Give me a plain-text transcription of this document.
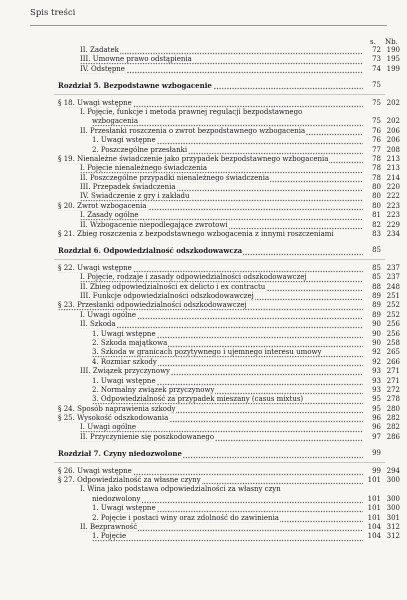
Spis treści
s. Nb.
II. Zadatek	72 190
III. Umowne prawo odstąpienia	73 195
IV. Odstępne	74 199
Rozdział 5. Bezpodstawne wzbogacenie	75
§ 18. Uwagi wstępne	75 202
I. Pojęcie, funkcje i metoda prawnej regulacji bezpodstawnego
wzbogacenia	75 202
II. Przesłanki roszczenia o zwrot bezpodstawnego wzbogacenia	76 206
1. Uwagi wstępne	76 206
2. Poszczególne przesłanki	77 208
§ 19. Nienależne świadczenie jako przypadek bezpodstawnego wzbogacenia	78 213
I. Pojęcie nienależnego świadczenia	78 213
II. Poszczególne przypadki nienależnego świadczenia	78 214
III. Przepadek świadczenia	80 220
IV. Świadczenie z gry i zakładu	80 222
§ 20. Zwrot wzbogacenia	80 223
I. Zasady ogólne	81 223
II. Wzbogacenie niepodlegające zwrotowi	82 229
§ 21. Zbieg roszczenia z bezpodstawnego wzbogacenia z innymi roszczeniami	83 234
Rozdział 6. Odpowiedzialność odszkodowawcza	85
§ 22. Uwagi wstępne	85 237
I. Pojęcie, rodzaje i zasady odpowiedzialności odszkodowawczej	85 237
II. Zbieg odpowiedzialności ex delicto i ex contractu	88 248
III. Funkcje odpowiedzialności odszkodowawczej	89 251
§ 23. Przesłanki odpowiedzialności odszkodowawczej	89 252
I. Uwagi ogólne	89 252
II. Szkoda	90 256
1. Uwagi wstępne	90 256
2. Szkoda majątkowa	90 258
3. Szkoda w granicach pozytywnego i ujemnego interesu umowy	92 265
4. Rozmiar szkody	92 266
III. Związek przyczynowy	93 271
1. Uwagi wstępne	93 271
2. Normalny związek przyczynowy	93 272
3. Odpowiedzialność za przypadek mieszany (casus mixtus)	95 278
§ 24. Sposób naprawienia szkody	95 280
§ 25. Wysokość odszkodowania	96 282
I. Uwagi ogólne	96 282
II. Przyczynienie się poszkodowanego	97 286
Rozdział 7. Czyny niedozwolone	99
§ 26. Uwagi wstępne	99 294
§ 27. Odpowiedzialność za własne czyny	101 300
I. Wina jako podstawa odpowiedzialności za własny czyn
niedozwolony	101 300
1. Uwagi wstępne	101 300
2. Pojęcie i postaci winy oraz zdolność do zawinienia	101 301
II. Bezprawność	104 312
1. Pojęcie	104 312
